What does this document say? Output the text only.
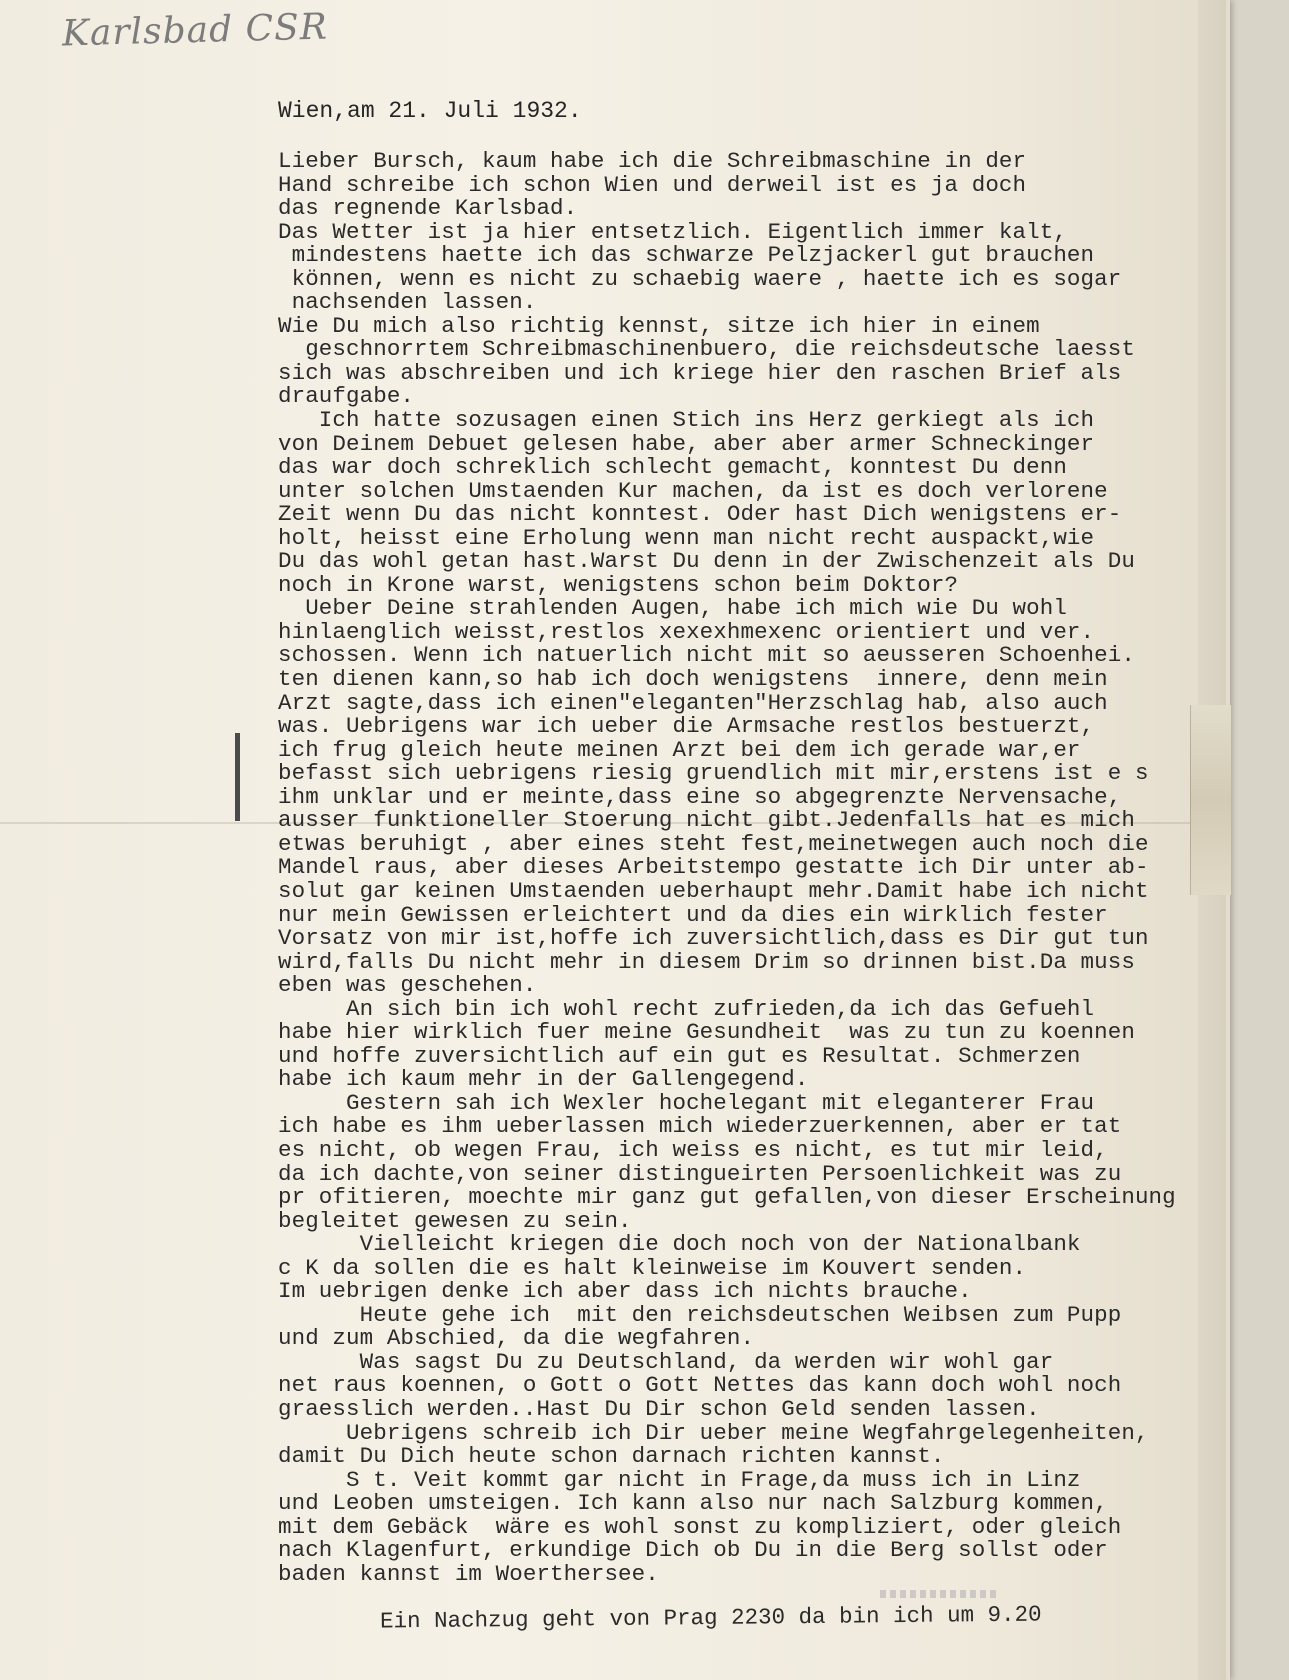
Karlsbad CSR
Wien,am 21. Juli 1932.
Lieber Bursch, kaum habe ich die Schreibmaschine in der
Hand schreibe ich schon Wien und derweil ist es ja doch
das regnende Karlsbad.
Das Wetter ist ja hier entsetzlich. Eigentlich immer kalt,
mindestens haette ich das schwarze Pelzjackerl gut brauchen
können, wenn es nicht zu schaebig waere , haette ich es sogar
nachsenden lassen.
Wie Du mich also richtig kennst, sitze ich hier in einem
geschnorrtem Schreibmaschinenbuero, die reichsdeutsche laesst
sich was abschreiben und ich kriege hier den raschen Brief als
draufgabe.
Ich hatte sozusagen einen Stich ins Herz gerkiegt als ich
von Deinem Debuet gelesen habe, aber aber armer Schneckinger
das war doch schreklich schlecht gemacht, konntest Du denn
unter solchen Umstaenden Kur machen, da ist es doch verlorene
Zeit wenn Du das nicht konntest. Oder hast Dich wenigstens er-
holt, heisst eine Erholung wenn man nicht recht auspackt,wie
Du das wohl getan hast.Warst Du denn in der Zwischenzeit als Du
noch in Krone warst, wenigstens schon beim Doktor?
Ueber Deine strahlenden Augen, habe ich mich wie Du wohl
hinlaenglich weisst,restlos xexexhmexenc orientiert und ver.
schossen. Wenn ich natuerlich nicht mit so aeusseren Schoenhei.
ten dienen kann,so hab ich doch wenigstens  innere, denn mein
Arzt sagte,dass ich einen"eleganten"Herzschlag hab, also auch
was. Uebrigens war ich ueber die Armsache restlos bestuerzt,
ich frug gleich heute meinen Arzt bei dem ich gerade war,er
befasst sich uebrigens riesig gruendlich mit mir,erstens ist e s
ihm unklar und er meinte,dass eine so abgegrenzte Nervensache,
ausser funktioneller Stoerung nicht gibt.Jedenfalls hat es mich
etwas beruhigt , aber eines steht fest,meinetwegen auch noch die
Mandel raus, aber dieses Arbeitstempo gestatte ich Dir unter ab-
solut gar keinen Umstaenden ueberhaupt mehr.Damit habe ich nicht
nur mein Gewissen erleichtert und da dies ein wirklich fester
Vorsatz von mir ist,hoffe ich zuversichtlich,dass es Dir gut tun
wird,falls Du nicht mehr in diesem Drim so drinnen bist.Da muss
eben was geschehen.
An sich bin ich wohl recht zufrieden,da ich das Gefuehl
habe hier wirklich fuer meine Gesundheit  was zu tun zu koennen
und hoffe zuversichtlich auf ein gut es Resultat. Schmerzen
habe ich kaum mehr in der Gallengegend.
Gestern sah ich Wexler hochelegant mit eleganterer Frau
ich habe es ihm ueberlassen mich wiederzuerkennen, aber er tat
es nicht, ob wegen Frau, ich weiss es nicht, es tut mir leid,
da ich dachte,von seiner distingueirten Persoenlichkeit was zu
pr ofitieren, moechte mir ganz gut gefallen,von dieser Erscheinung
begleitet gewesen zu sein.
Vielleicht kriegen die doch noch von der Nationalbank
c K da sollen die es halt kleinweise im Kouvert senden.
Im uebrigen denke ich aber dass ich nichts brauche.
Heute gehe ich  mit den reichsdeutschen Weibsen zum Pupp
und zum Abschied, da die wegfahren.
Was sagst Du zu Deutschland, da werden wir wohl gar
net raus koennen, o Gott o Gott Nettes das kann doch wohl noch
graesslich werden..Hast Du Dir schon Geld senden lassen.
Uebrigens schreib ich Dir ueber meine Wegfahrgelegenheiten,
damit Du Dich heute schon darnach richten kannst.
S t. Veit kommt gar nicht in Frage,da muss ich in Linz
und Leoben umsteigen. Ich kann also nur nach Salzburg kommen,
mit dem Gebäck  wäre es wohl sonst zu kompliziert, oder gleich
nach Klagenfurt, erkundige Dich ob Du in die Berg sollst oder
baden kannst im Woerthersee.
Ein Nachzug geht von Prag 2230 da bin ich um 9.20
